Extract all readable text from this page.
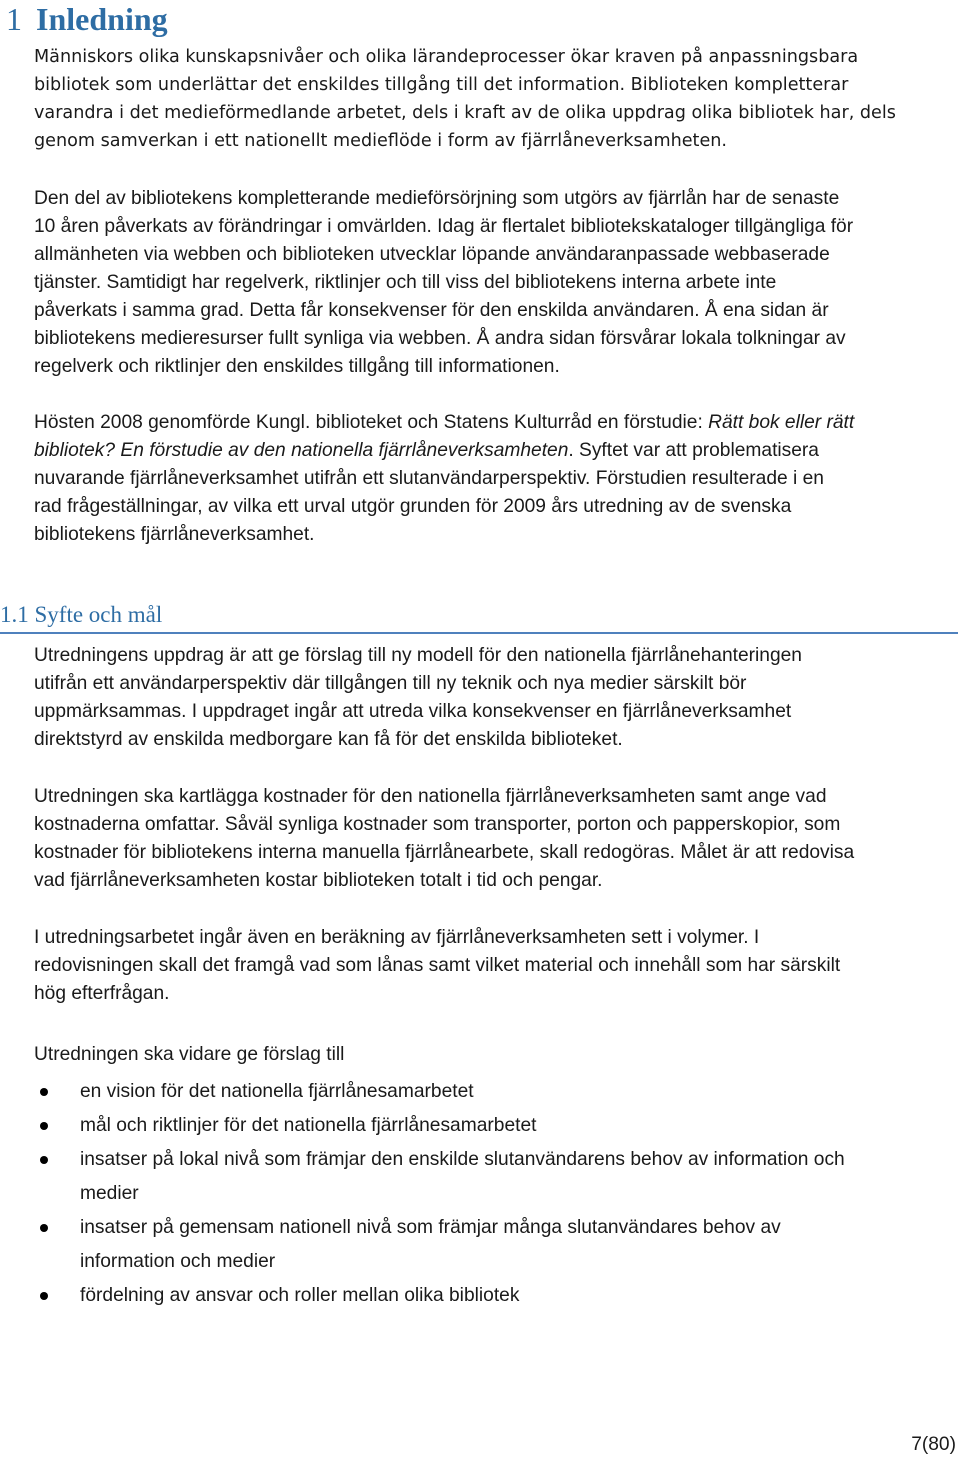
1 Inledning
Människors olika kunskapsnivåer och olika lärandeprocesser ökar kraven på anpassningsbara
bibliotek som underlättar det enskildes tillgång till det information. Biblioteken kompletterar
varandra i det medieförmedlande arbetet, dels i kraft av de olika uppdrag olika bibliotek har, dels
genom samverkan i ett nationellt medieflöde i form av fjärrlåneverksamheten.
Den del av bibliotekens kompletterande medieförsörjning som utgörs av fjärrlån har de senaste
10 åren påverkats av förändringar i omvärlden. Idag är flertalet bibliotekskataloger tillgängliga för
allmänheten via webben och biblioteken utvecklar löpande användaranpassade webbaserade
tjänster. Samtidigt har regelverk, riktlinjer och till viss del bibliotekens interna arbete inte
påverkats i samma grad. Detta får konsekvenser för den enskilda användaren. Å ena sidan är
bibliotekens medieresurser fullt synliga via webben. Å andra sidan försvårar lokala tolkningar av
regelverk och riktlinjer den enskildes tillgång till informationen.
Hösten 2008 genomförde Kungl. biblioteket och Statens Kulturråd en förstudie: Rätt bok eller rätt
bibliotek? En förstudie av den nationella fjärrlåneverksamheten. Syftet var att problematisera
nuvarande fjärrlåneverksamhet utifrån ett slutanvändarperspektiv. Förstudien resulterade i en
rad frågeställningar, av vilka ett urval utgör grunden för 2009 års utredning av de svenska
bibliotekens fjärrlåneverksamhet.
1.1 Syfte och mål
Utredningens uppdrag är att ge förslag till ny modell för den nationella fjärrlånehanteringen
utifrån ett användarperspektiv där tillgången till ny teknik och nya medier särskilt bör
uppmärksammas. I uppdraget ingår att utreda vilka konsekvenser en fjärrlåneverksamhet
direktstyrd av enskilda medborgare kan få för det enskilda biblioteket.
Utredningen ska kartlägga kostnader för den nationella fjärrlåneverksamheten samt ange vad
kostnaderna omfattar. Såväl synliga kostnader som transporter, porton och papperskopior, som
kostnader för bibliotekens interna manuella fjärrlånearbete, skall redogöras. Målet är att redovisa
vad fjärrlåneverksamheten kostar biblioteken totalt i tid och pengar.
I utredningsarbetet ingår även en beräkning av fjärrlåneverksamheten sett i volymer. I
redovisningen skall det framgå vad som lånas samt vilket material och innehåll som har särskilt
hög efterfrågan.
Utredningen ska vidare ge förslag till
en vision för det nationella fjärrlånesamarbetet
mål och riktlinjer för det nationella fjärrlånesamarbetet
insatser på lokal nivå som främjar den enskilde slutanvändarens behov av information och
medier
insatser på gemensam nationell nivå som främjar många slutanvändares behov av
information och medier
fördelning av ansvar och roller mellan olika bibliotek
7(80)
